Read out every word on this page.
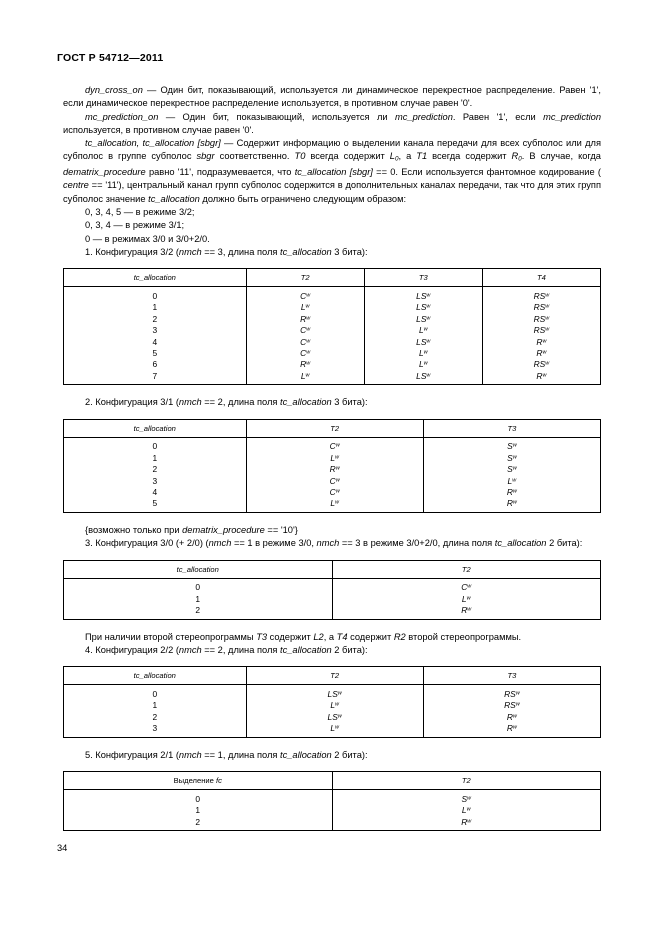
ГОСТ Р 54712—2011

dyn_cross_on — Один бит, показывающий, используется ли динамическое перекрестное распределение. Равен '1', если динамическое перекрестное распределение используется, в противном случае равен '0'.

mc_prediction_on — Один бит, показывающий, используется ли mc_prediction. Равен '1', если mc_prediction используется, в противном случае равен '0'.

tc_allocation, tc_allocation [sbgr] — Содержит информацию о выделении канала передачи для всех субполос или для субполос в группе субполос sbgr соответственно. T0 всегда содержит $L_0$, а T1 всегда содержит $R_0$. В случае, когда dematrix_procedure равно '11', подразумевается, что tc_allocation [sbgr] == 0. Если используется фантомное кодирование ( centre == '11'), центральный канал групп субполос содержится в дополнительных каналах передачи, так что для этих групп субполос значение tc_allocation должно быть ограничено следующим образом:

0, 3, 4, 5 — в режиме 3/2;

0, 3, 4 — в режиме 3/1;

0 — в режимах 3/0 и 3/0+2/0.

1. Конфигурация 3/2 (nmch == 3, длина поля tc_allocation 3 бита):

tc_allocation	T2	T3	T4
0	$C^w$	$LS^w$	$RS^w$
1	$L^w$	$LS^w$	$RS^w$
2	$R^w$	$LS^w$	$RS^w$
3	$C^w$	$L^w$	$RS^w$
4	$C^w$	$LS^w$	$R^w$
5	$C^w$	$L^w$	$R^w$
6	$R^w$	$L^w$	$RS^w$
7	$L^w$	$LS^w$	$R^w$

2. Конфигурация 3/1 (nmch == 2, длина поля tc_allocation 3 бита):

tc_allocation	T2	T3
0	$C^w$	$S^w$
1	$L^w$	$S^w$
2	$R^w$	$S^w$
3	$C^w$	$L^w$
4	$C^w$	$R^w$
5	$L^w$	$R^w$

{возможно только при dematrix_procedure == '10'}

3. Конфигурация 3/0 (+ 2/0) (nmch == 1 в режиме 3/0, nmch == 3 в режиме 3/0+2/0, длина поля tc_allocation 2 бита):

tc_allocation	T2
0	$C^w$
1	$L^w$
2	$R^w$

При наличии второй стереопрограммы T3 содержит L2, а T4 содержит R2 второй стереопрограммы.

4. Конфигурация 2/2 (nmch == 2, длина поля tc_allocation 2 бита):

tc_allocation	T2	T3
0	$LS^w$	$RS^w$
1	$L^w$	$RS^w$
2	$LS^w$	$R^w$
3	$L^w$	$R^w$

5. Конфигурация 2/1 (nmch == 1, длина поля tc_allocation 2 бита):

Выделение fc	T2
0	$S^w$
1	$L^w$
2	$R^w$
34
